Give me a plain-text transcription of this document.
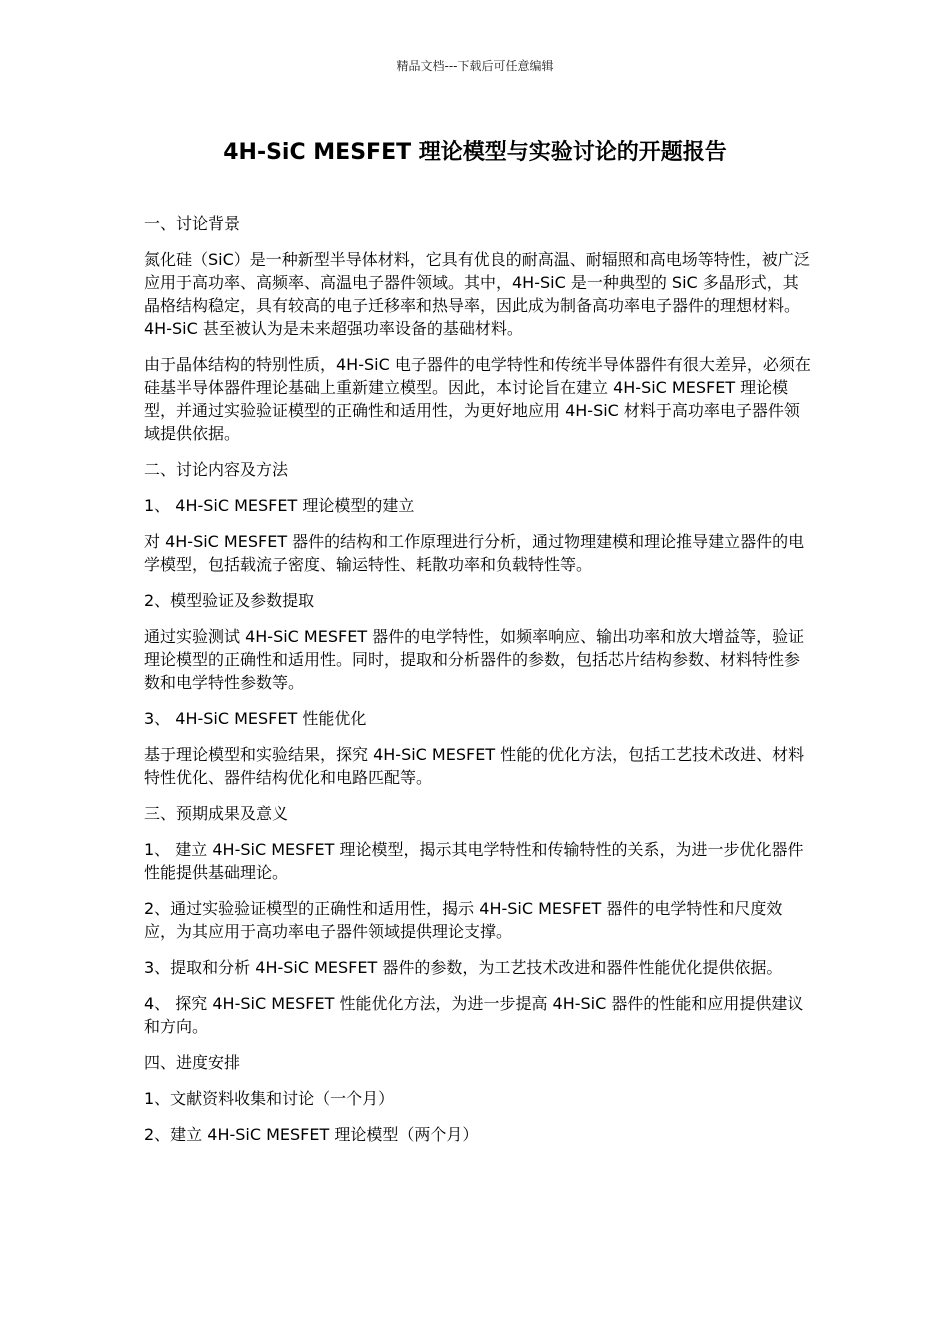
精品文档---下载后可任意编辑
4H-SiC MESFET 理论模型与实验讨论的开题报告

一、讨论背景

氮化硅（SiC）是一种新型半导体材料，它具有优良的耐高温、耐辐照和高电场等特性，被广泛应用于高功率、高频率、高温电子器件领域。其中，4H-SiC 是一种典型的 SiC 多晶形式，其晶格结构稳定，具有较高的电子迁移率和热导率，因此成为制备高功率电子器件的理想材料。4H-SiC 甚至被认为是未来超强功率设备的基础材料。

由于晶体结构的特别性质，4H-SiC 电子器件的电学特性和传统半导体器件有很大差异，必须在硅基半导体器件理论基础上重新建立模型。因此，本讨论旨在建立 4H-SiC MESFET 理论模型，并通过实验验证模型的正确性和适用性，为更好地应用 4H-SiC 材料于高功率电子器件领域提供依据。

二、讨论内容及方法

1、 4H-SiC MESFET 理论模型的建立

对 4H-SiC MESFET 器件的结构和工作原理进行分析，通过物理建模和理论推导建立器件的电学模型，包括载流子密度、输运特性、耗散功率和负载特性等。

2、模型验证及参数提取

通过实验测试 4H-SiC MESFET 器件的电学特性，如频率响应、输出功率和放大增益等，验证理论模型的正确性和适用性。同时，提取和分析器件的参数，包括芯片结构参数、材料特性参数和电学特性参数等。

3、 4H-SiC MESFET 性能优化

基于理论模型和实验结果，探究 4H-SiC MESFET 性能的优化方法，包括工艺技术改进、材料特性优化、器件结构优化和电路匹配等。

三、预期成果及意义

1、 建立 4H-SiC MESFET 理论模型，揭示其电学特性和传输特性的关系，为进一步优化器件性能提供基础理论。

2、通过实验验证模型的正确性和适用性，揭示 4H-SiC MESFET 器件的电学特性和尺度效应，为其应用于高功率电子器件领域提供理论支撑。

3、提取和分析 4H-SiC MESFET 器件的参数，为工艺技术改进和器件性能优化提供依据。

4、 探究 4H-SiC MESFET 性能优化方法，为进一步提高 4H-SiC 器件的性能和应用提供建议和方向。

四、进度安排

1、文献资料收集和讨论（一个月）

2、建立 4H-SiC MESFET 理论模型（两个月）
